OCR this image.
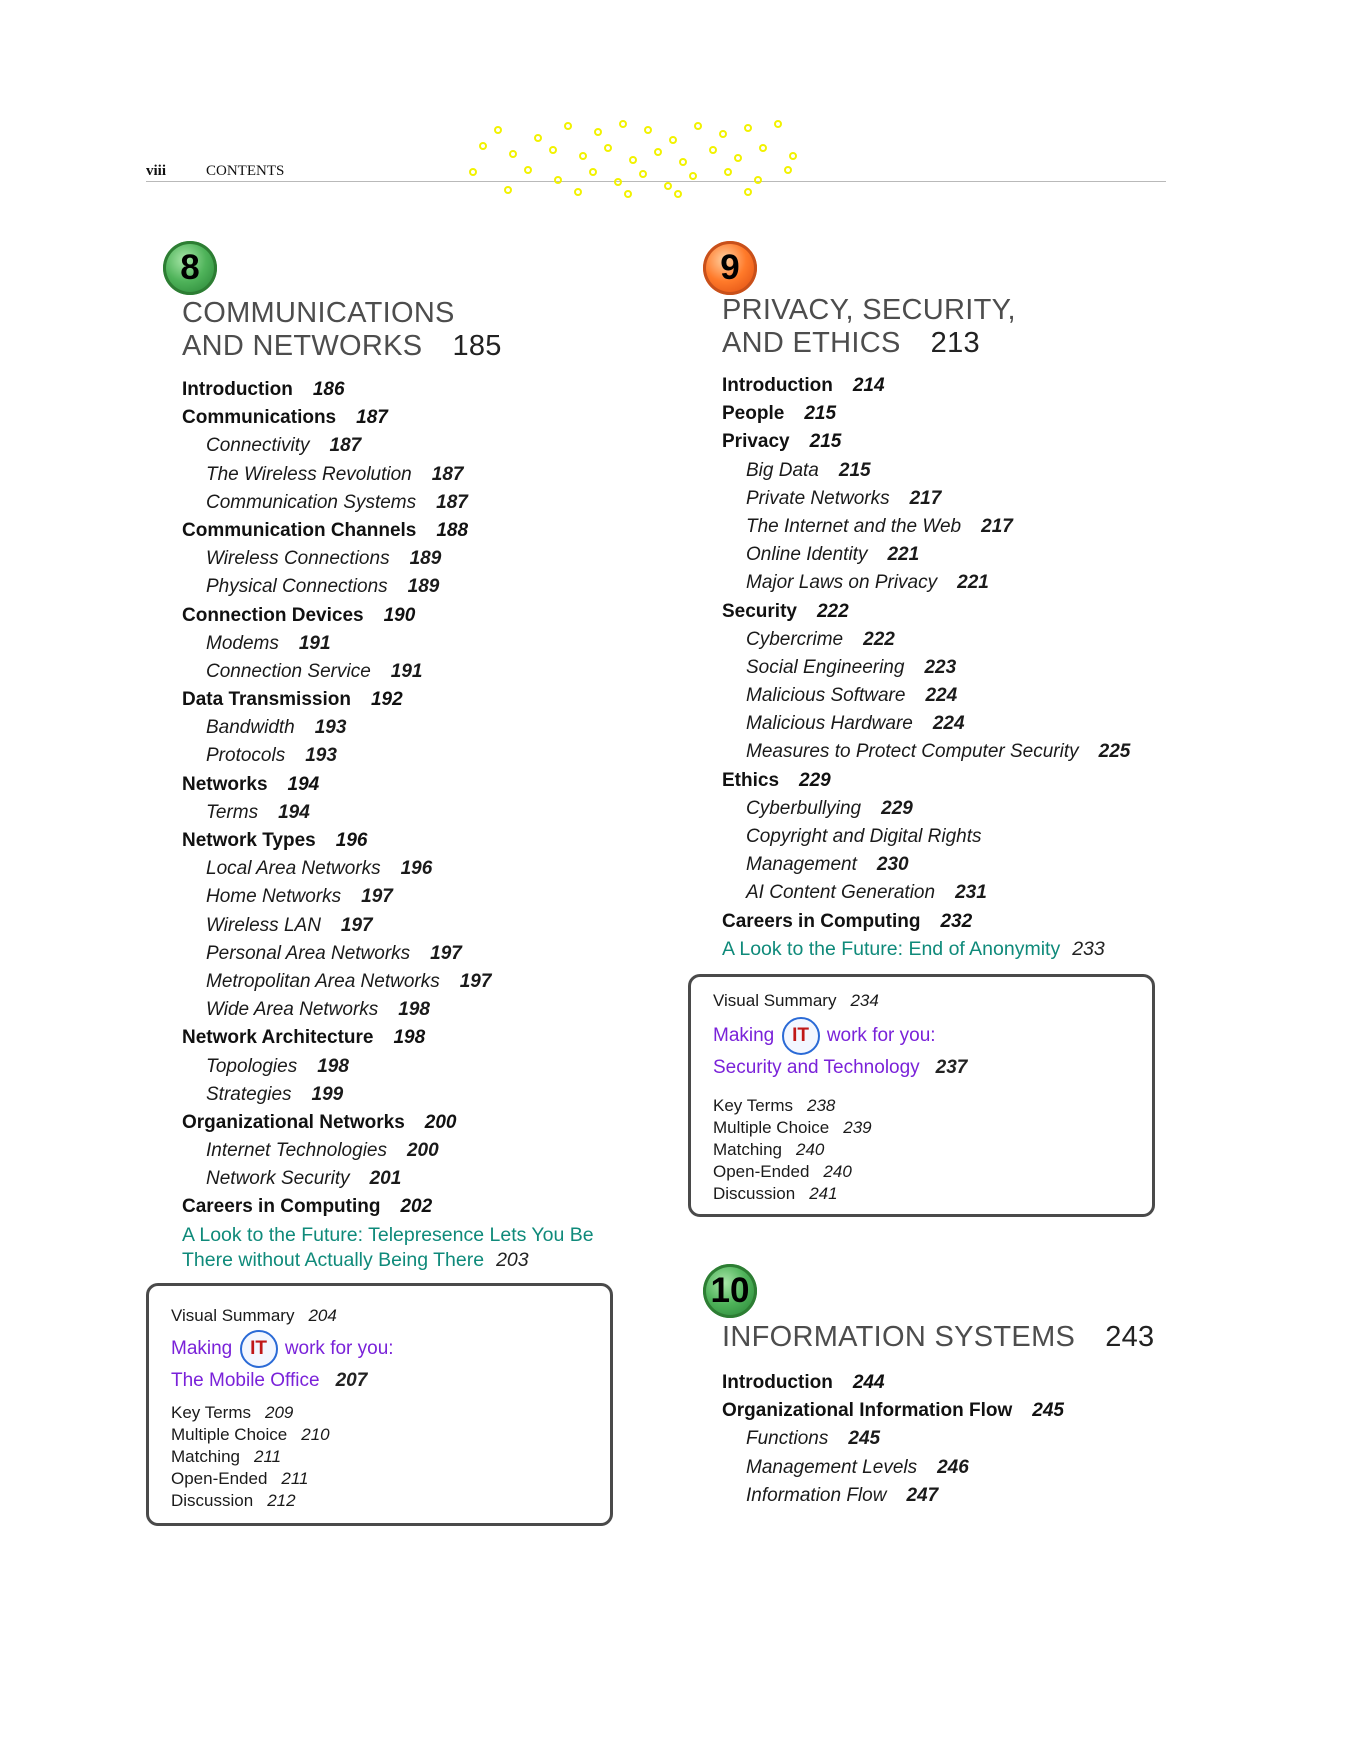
viii	CONTENTS
8
COMMUNICATIONS
AND NETWORKS 185
Introduction 186
Communications 187
Connectivity 187
The Wireless Revolution 187
Communication Systems 187
Communication Channels 188
Wireless Connections 189
Physical Connections 189
Connection Devices 190
Modems 191
Connection Service 191
Data Transmission 192
Bandwidth 193
Protocols 193
Networks 194
Terms 194
Network Types 196
Local Area Networks 196
Home Networks 197
Wireless LAN 197
Personal Area Networks 197
Metropolitan Area Networks 197
Wide Area Networks 198
Network Architecture 198
Topologies 198
Strategies 199
Organizational Networks 200
Internet Technologies 200
Network Security 201
Careers in Computing 202
A Look to the Future: Telepresence Lets You Be
There without Actually Being There 203
Visual Summary 204
Making IT work for you:
The Mobile Office 207
Key Terms 209
Multiple Choice 210
Matching 211
Open-Ended 211
Discussion 212
9
PRIVACY, SECURITY,
AND ETHICS 213
Introduction 214
People 215
Privacy 215
Big Data 215
Private Networks 217
The Internet and the Web 217
Online Identity 221
Major Laws on Privacy 221
Security 222
Cybercrime 222
Social Engineering 223
Malicious Software 224
Malicious Hardware 224
Measures to Protect Computer Security 225
Ethics 229
Cyberbullying 229
Copyright and Digital Rights
Management 230
AI Content Generation 231
Careers in Computing 232
A Look to the Future: End of Anonymity 233
Visual Summary 234
Making IT work for you:
Security and Technology 237
Key Terms 238
Multiple Choice 239
Matching 240
Open-Ended 240
Discussion 241
10
INFORMATION SYSTEMS 243
Introduction 244
Organizational Information Flow 245
Functions 245
Management Levels 246
Information Flow 247
